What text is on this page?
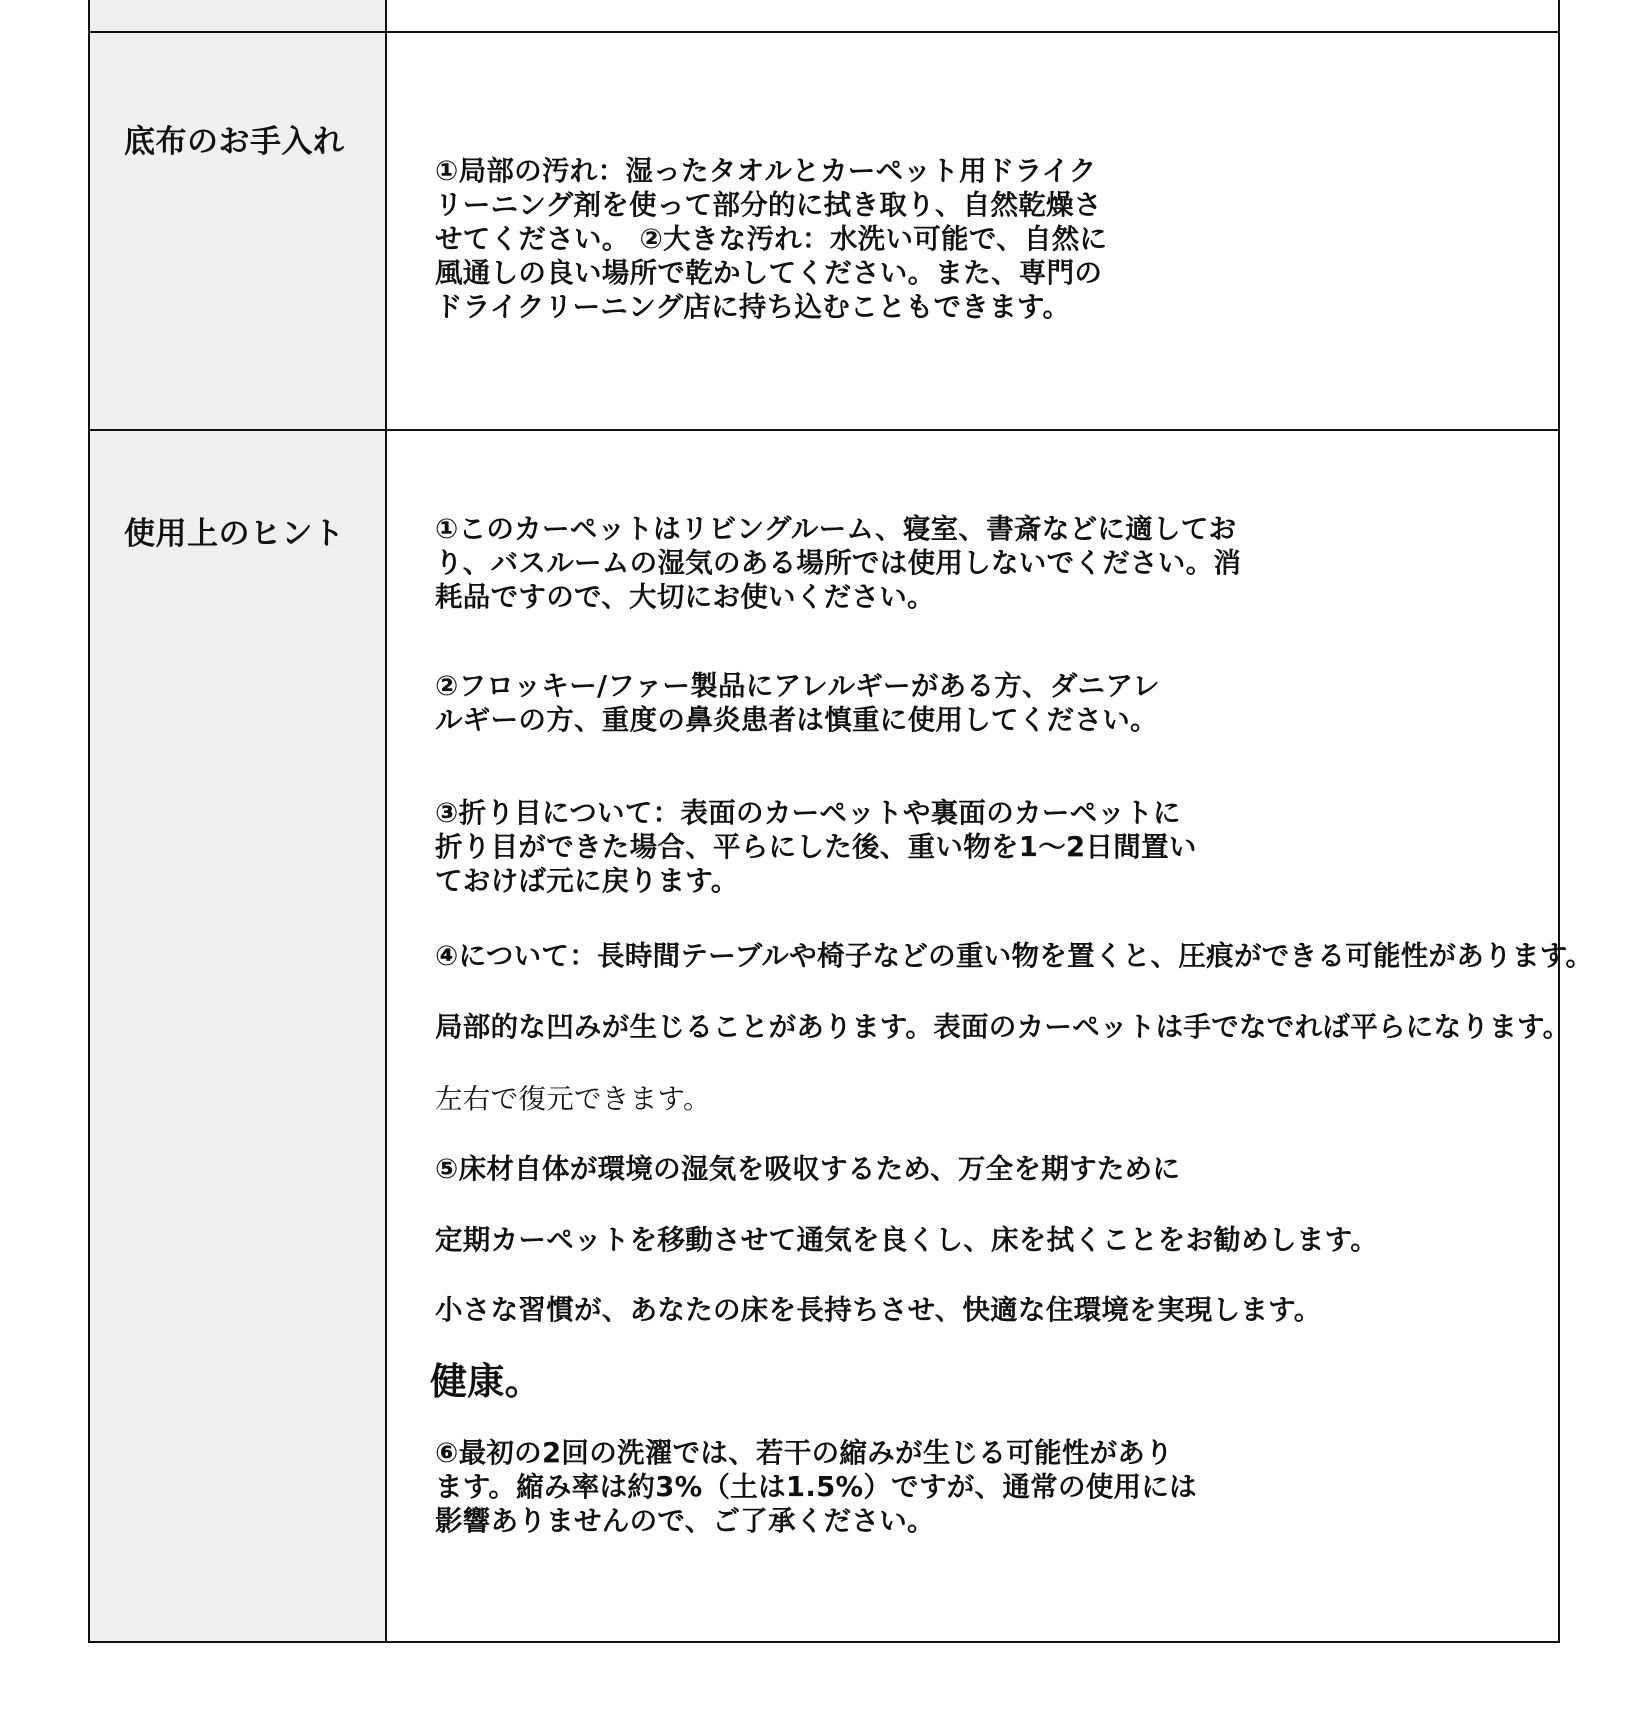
底布のお手入れ
①局部の汚れ：湿ったタオルとカーペット用ドライク
リーニング剤を使って部分的に拭き取り、自然乾燥さ
せてください。 ②大きな汚れ：水洗い可能で、自然に
風通しの良い場所で乾かしてください。また、専門の
ドライクリーニング店に持ち込むこともできます。
使用上のヒント	①このカーペットはリビングルーム、寝室、書斎などに適してお
り、バスルームの湿気のある場所では使用しないでください。消
耗品ですので、大切にお使いください。
②フロッキー/ファー製品にアレルギーがある方、ダニアレ
ルギーの方、重度の鼻炎患者は慎重に使用してください。
③折り目について：表面のカーペットや裏面のカーペットに
折り目ができた場合、平らにした後、重い物を1～2日間置い
ておけば元に戻ります。
④について：長時間テーブルや椅子などの重い物を置くと、圧痕ができる可能性があります。
局部的な凹みが生じることがあります。表面のカーペットは手でなでれば平らになります。
左右で復元できます。
⑤床材自体が環境の湿気を吸収するため、万全を期すために
定期カーペットを移動させて通気を良くし、床を拭くことをお勧めします。
小さな習慣が、あなたの床を長持ちさせ、快適な住環境を実現します。
健康。
⑥最初の2回の洗濯では、若干の縮みが生じる可能性があり
ます。縮み率は約3%（土は1.5%）ですが、通常の使用には
影響ありませんので、ご了承ください。
